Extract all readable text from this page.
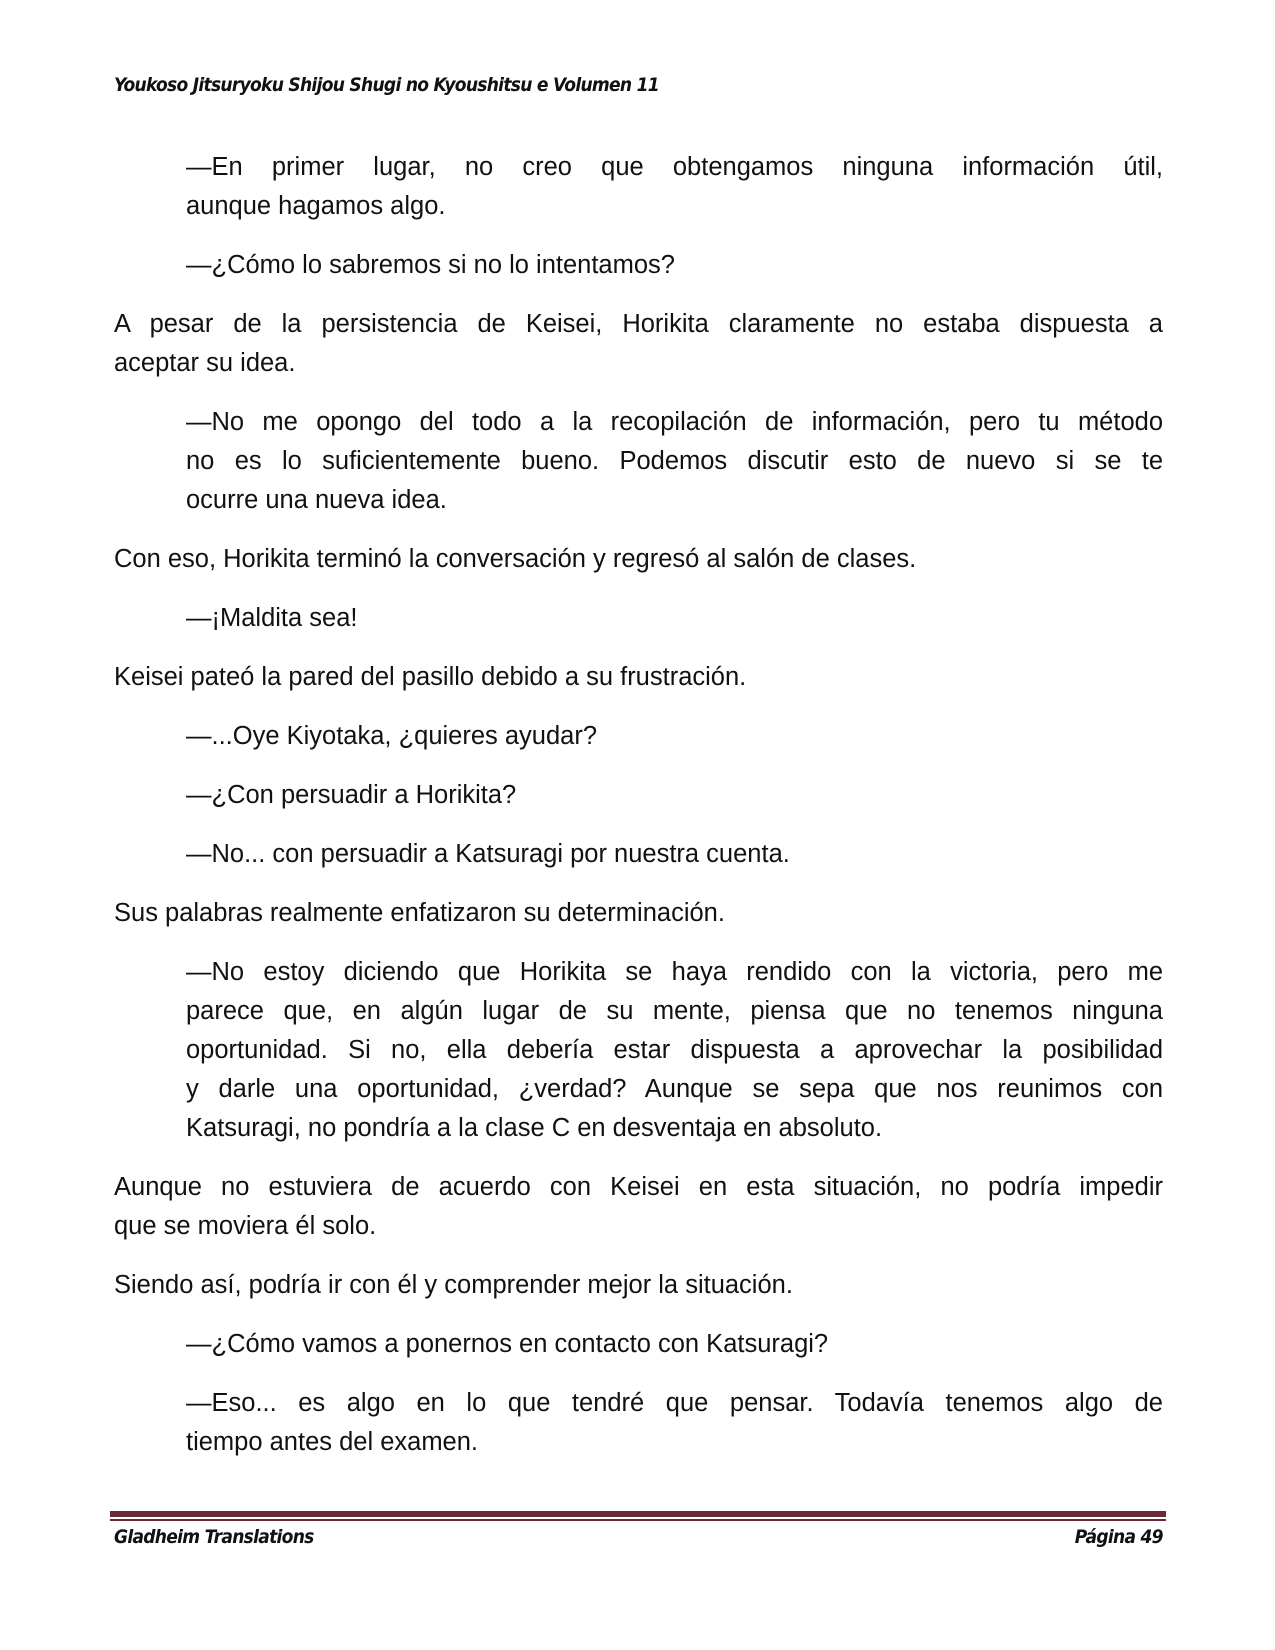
Youkoso Jitsuryoku Shijou Shugi no Kyoushitsu e Volumen 11
—En primer lugar, no creo que obtengamos ninguna información útil,
aunque hagamos algo.
—¿Cómo lo sabremos si no lo intentamos?
A pesar de la persistencia de Keisei, Horikita claramente no estaba dispuesta a
aceptar su idea.
—No me opongo del todo a la recopilación de información, pero tu método
no es lo suficientemente bueno. Podemos discutir esto de nuevo si se te
ocurre una nueva idea.
Con eso, Horikita terminó la conversación y regresó al salón de clases.
—¡Maldita sea!
Keisei pateó la pared del pasillo debido a su frustración.
—...Oye Kiyotaka, ¿quieres ayudar?
—¿Con persuadir a Horikita?
—No... con persuadir a Katsuragi por nuestra cuenta.
Sus palabras realmente enfatizaron su determinación.
—No estoy diciendo que Horikita se haya rendido con la victoria, pero me
parece que, en algún lugar de su mente, piensa que no tenemos ninguna
oportunidad. Si no, ella debería estar dispuesta a aprovechar la posibilidad
y darle una oportunidad, ¿verdad? Aunque se sepa que nos reunimos con
Katsuragi, no pondría a la clase C en desventaja en absoluto.
Aunque no estuviera de acuerdo con Keisei en esta situación, no podría impedir
que se moviera él solo.
Siendo así, podría ir con él y comprender mejor la situación.
—¿Cómo vamos a ponernos en contacto con Katsuragi?
—Eso... es algo en lo que tendré que pensar. Todavía tenemos algo de
tiempo antes del examen.
Gladheim Translations	Página 49
